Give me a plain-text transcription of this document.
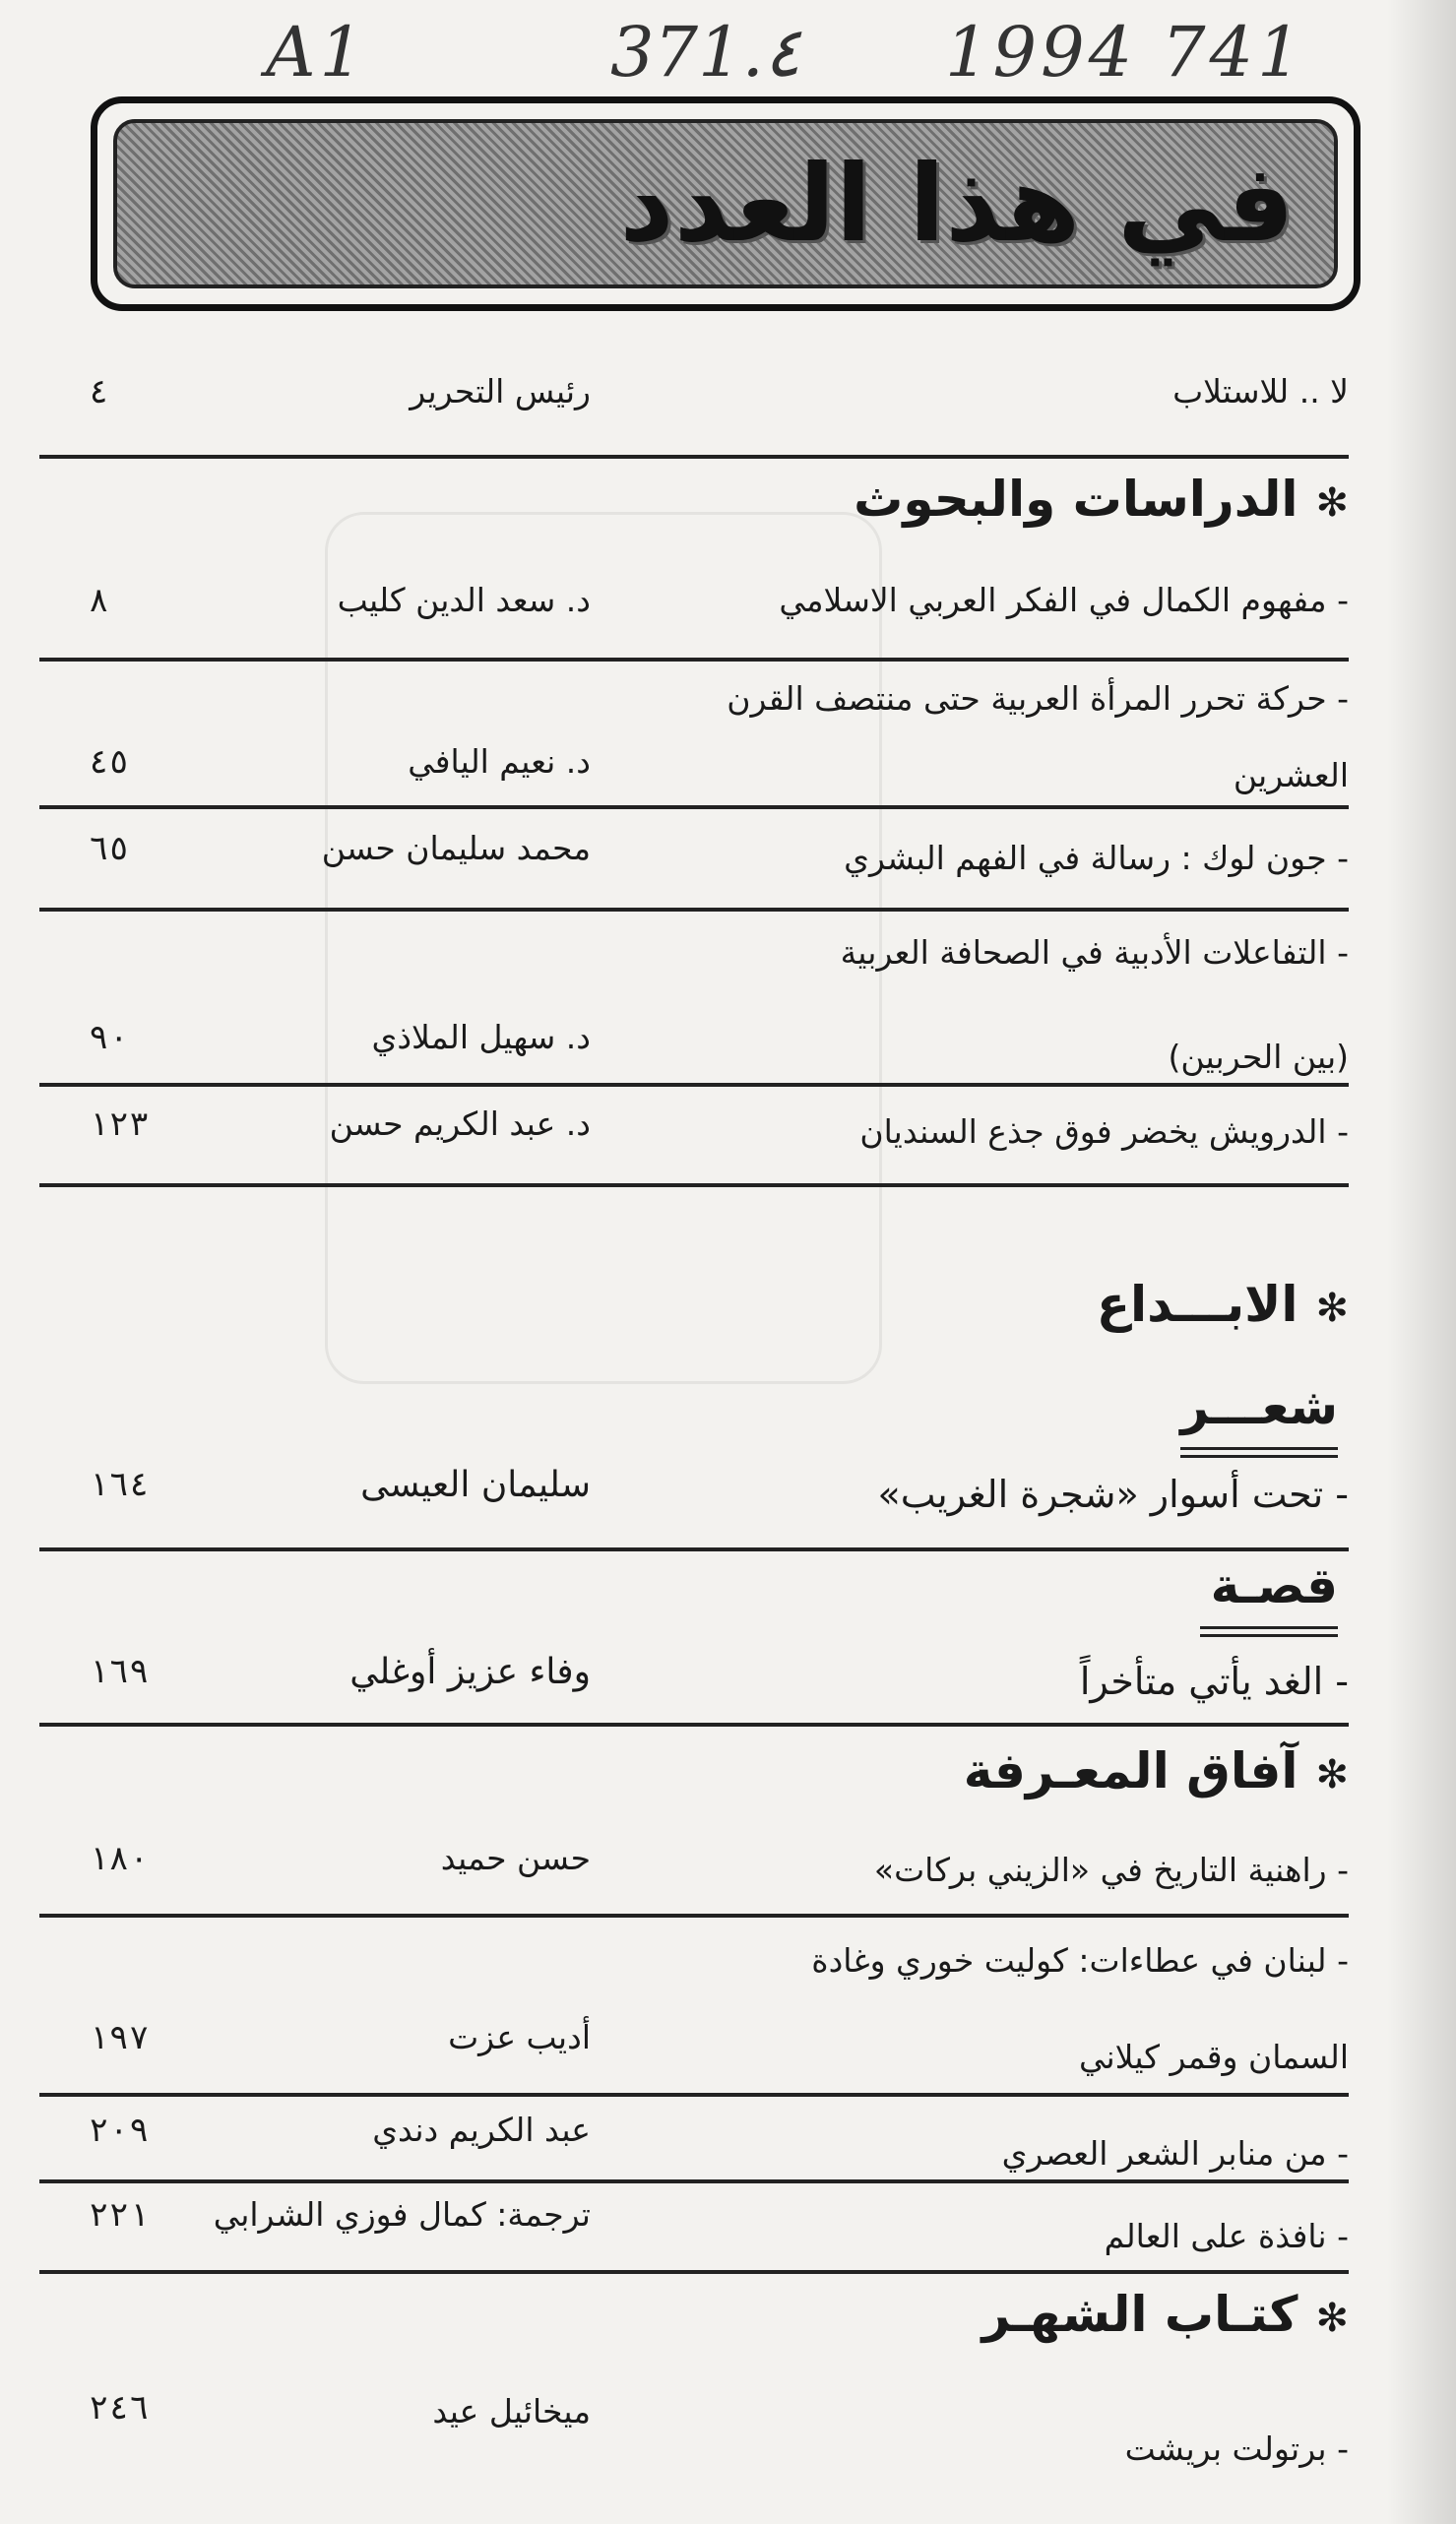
A1	371.٤ 1994 741
في هذا العدد
لا .. للاستلاب
رئيس التحرير
٤
✻الدراسات والبحوث
- مفهوم الكمال في الفكر العربي الاسلامي
د. سعد الدين كليب
٨
- حركة تحرر المرأة العربية حتى منتصف القرن
العشرين
د. نعيم اليافي
٤٥
- جون لوك : رسالة في الفهم البشري
محمد سليمان حسن
٦٥
- التفاعلات الأدبية في الصحافة العربية
(بين الحربين)
د. سهيل الملاذي
٩٠
- الدرويش يخضر فوق جذع السنديان
د. عبد الكريم حسن
١٢٣
✻الابـــداع
شعـــر
- تحت أسوار «شجرة الغريب»
سليمان العيسى
١٦٤
قصـة
- الغد يأتي متأخراً
وفاء عزيز أوغلي
١٦٩
✻آفاق المعـرفة
- راهنية التاريخ في «الزيني بركات»
حسن حميد
١٨٠
- لبنان في عطاءات: كوليت خوري وغادة
السمان وقمر كيلاني
أديب عزت
١٩٧
- من منابر الشعر العصري
عبد الكريم دندي
٢٠٩
- نافذة على العالم
ترجمة: كمال فوزي الشرابي
٢٢١
✻كتـاب الشهـر
- برتولت بريشت
ميخائيل عيد
٢٤٦
